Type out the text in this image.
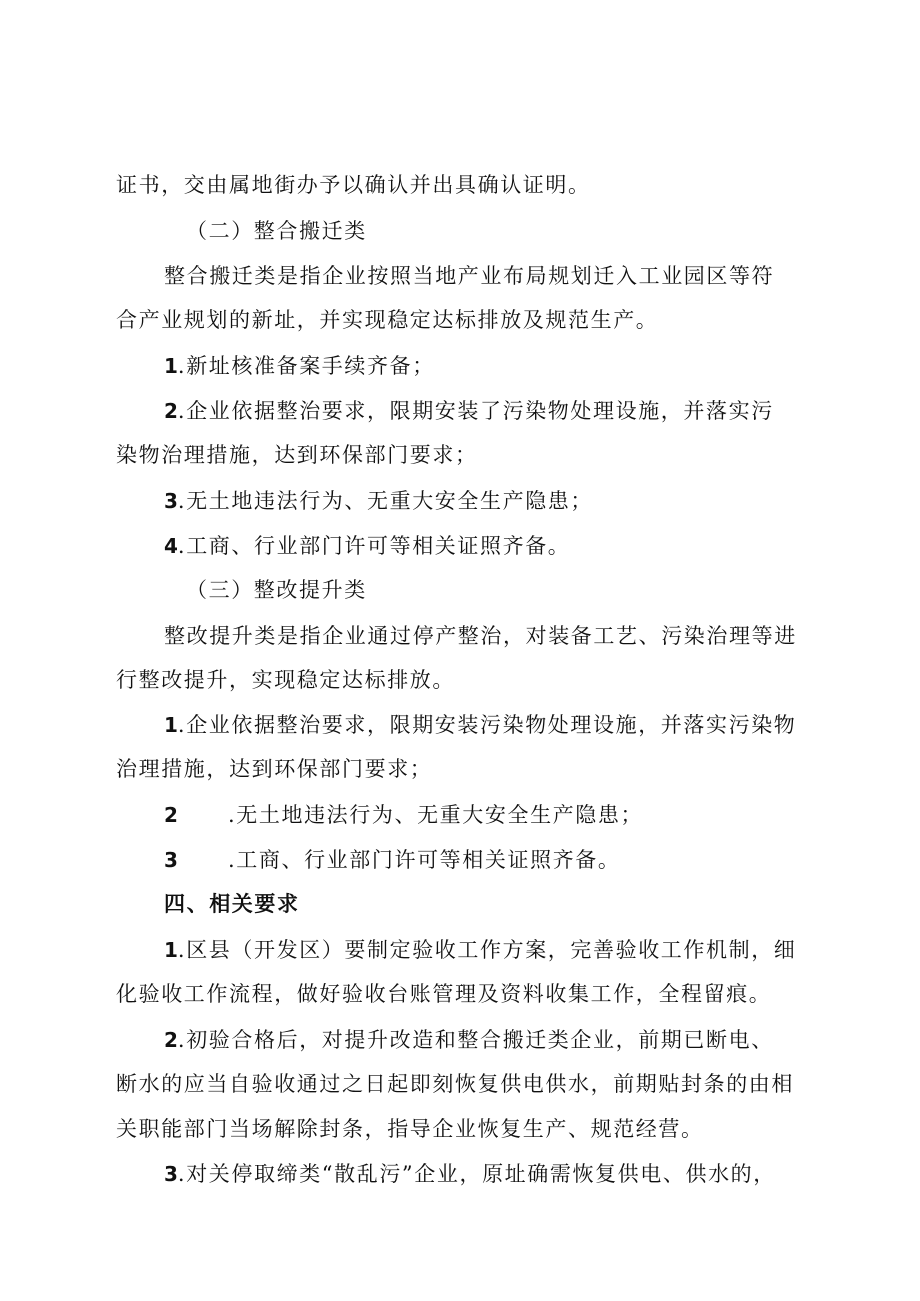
证书，交由属地街办予以确认并出具确认证明。
（二）整合搬迁类
整合搬迁类是指企业按照当地产业布局规划迁入工业园区等符
合产业规划的新址，并实现稳定达标排放及规范生产。
1.新址核准备案手续齐备；
2.企业依据整治要求，限期安装了污染物处理设施，并落实污
染物治理措施，达到环保部门要求；
3.无土地违法行为、无重大安全生产隐患；
4.工商、行业部门许可等相关证照齐备。
（三）整改提升类
整改提升类是指企业通过停产整治，对装备工艺、污染治理等进
行整改提升，实现稳定达标排放。
1.企业依据整治要求，限期安装污染物处理设施，并落实污染物
治理措施，达到环保部门要求；
2 .无土地违法行为、无重大安全生产隐患；
3 .工商、行业部门许可等相关证照齐备。
四、相关要求
1.区县（开发区）要制定验收工作方案，完善验收工作机制，细
化验收工作流程，做好验收台账管理及资料收集工作，全程留痕。
2.初验合格后，对提升改造和整合搬迁类企业，前期已断电、
断水的应当自验收通过之日起即刻恢复供电供水，前期贴封条的由相
关职能部门当场解除封条，指导企业恢复生产、规范经营。
3.对关停取缔类“散乱污”企业，原址确需恢复供电、供水的，
